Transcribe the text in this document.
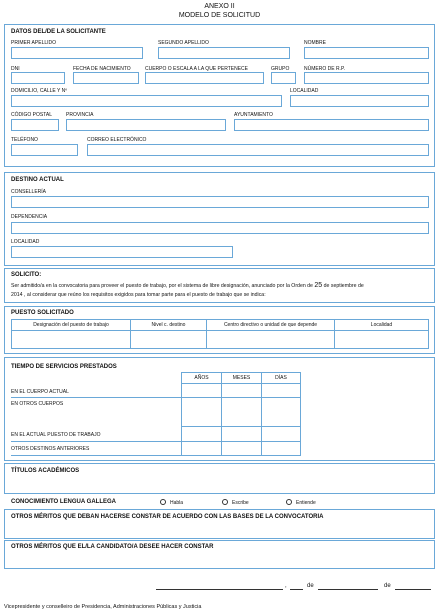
ANEXO II
MODELO DE SOLICITUD
DATOS DEL/DE LA SOLICITANTE
PRIMER APELLIDO	SEGUNDO APELLIDO	NOMBRE
DNI	FECHA DE NACIMIENTO	CUERPO O ESCALA A LA QUE PERTENECE	GRUPO	NÚMERO DE R.P.
DOMICILIO, CALLE Y Nº	LOCALIDAD
CÓDIGO POSTAL	PROVINCIA	AYUNTAMIENTO
TELÉFONO	CORREO ELECTRÓNICO
DESTINO ACTUAL
CONSELLERÍA
DEPENDENCIA
LOCALIDAD
SOLICITO:
Ser admitido/a en la convocatoria para proveer el puesto de trabajo, por el sistema de libre designación, anunciado por la Orden de 25 de septiembre de
2014 , al considerar que reúno los requisitos exigidos para tomar parte para el puesto de trabajo que se indica:
PUESTO SOLICITADO
Designación del puesto de trabajo	Nivel c. destino	Centro directivo o unidad de que depende	Localidad
TIEMPO DE SERVICIOS PRESTADOS
AÑOS	MESES	DÍAS
EN EL CUERPO ACTUAL
EN OTROS CUERPOS
EN EL ACTUAL PUESTO DE TRABAJO
OTROS DESTINOS ANTERIORES
TÍTULOS ACADÉMICOS
CONOCIMIENTO LENGUA GALLEGA	Habla	Escribe	Entiende
OTROS MÉRITOS QUE DEBAN HACERSE CONSTAR DE ACUERDO CON LAS BASES DE LA CONVOCATORIA
OTROS MÉRITOS QUE EL/LA CANDIDATO/A DESEE HACER CONSTAR
,	de	de
Vicepresidente y conselleiro de Presidencia, Administraciones Públicas y Justicia
